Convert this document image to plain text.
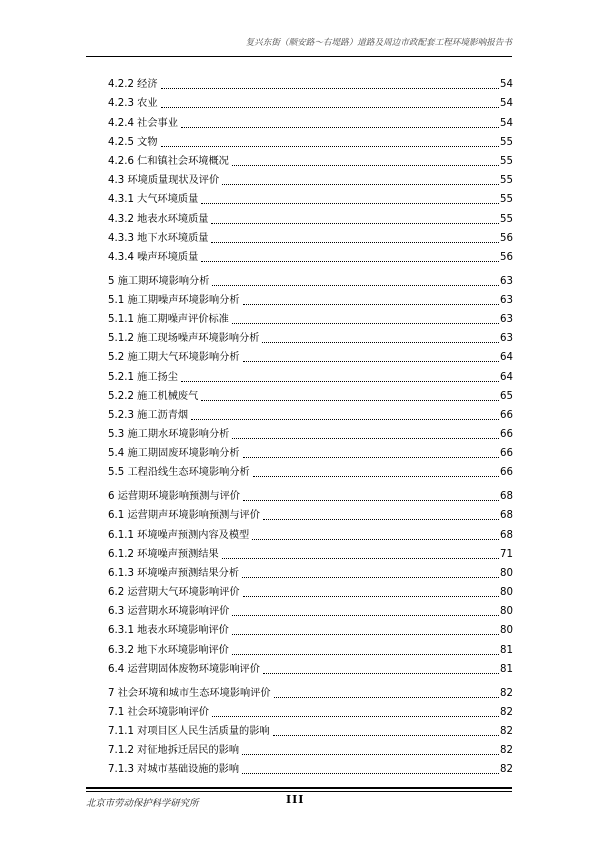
复兴东街（顺安路～右堤路）道路及周边市政配套工程环境影响报告书
4.2.2 经济	54
4.2.3 农业	54
4.2.4 社会事业	54
4.2.5 文物	55
4.2.6 仁和镇社会环境概况	55
4.3 环境质量现状及评价	55
4.3.1 大气环境质量	55
4.3.2 地表水环境质量	55
4.3.3 地下水环境质量	56
4.3.4 噪声环境质量	56
5 施工期环境影响分析	63
5.1 施工期噪声环境影响分析	63
5.1.1 施工期噪声评价标准	63
5.1.2 施工现场噪声环境影响分析	63
5.2 施工期大气环境影响分析	64
5.2.1 施工扬尘	64
5.2.2 施工机械废气	65
5.2.3 施工沥青烟	66
5.3 施工期水环境影响分析	66
5.4 施工期固废环境影响分析	66
5.5 工程沿线生态环境影响分析	66
6 运营期环境影响预测与评价	68
6.1 运营期声环境影响预测与评价	68
6.1.1 环境噪声预测内容及模型	68
6.1.2 环境噪声预测结果	71
6.1.3 环境噪声预测结果分析	80
6.2 运营期大气环境影响评价	80
6.3 运营期水环境影响评价	80
6.3.1 地表水环境影响评价	80
6.3.2 地下水环境影响评价	81
6.4 运营期固体废物环境影响评价	81
7 社会环境和城市生态环境影响评价	82
7.1 社会环境影响评价	82
7.1.1 对项目区人民生活质量的影响	82
7.1.2 对征地拆迁居民的影响	82
7.1.3 对城市基础设施的影响	82
北京市劳动保护科学研究所	III
